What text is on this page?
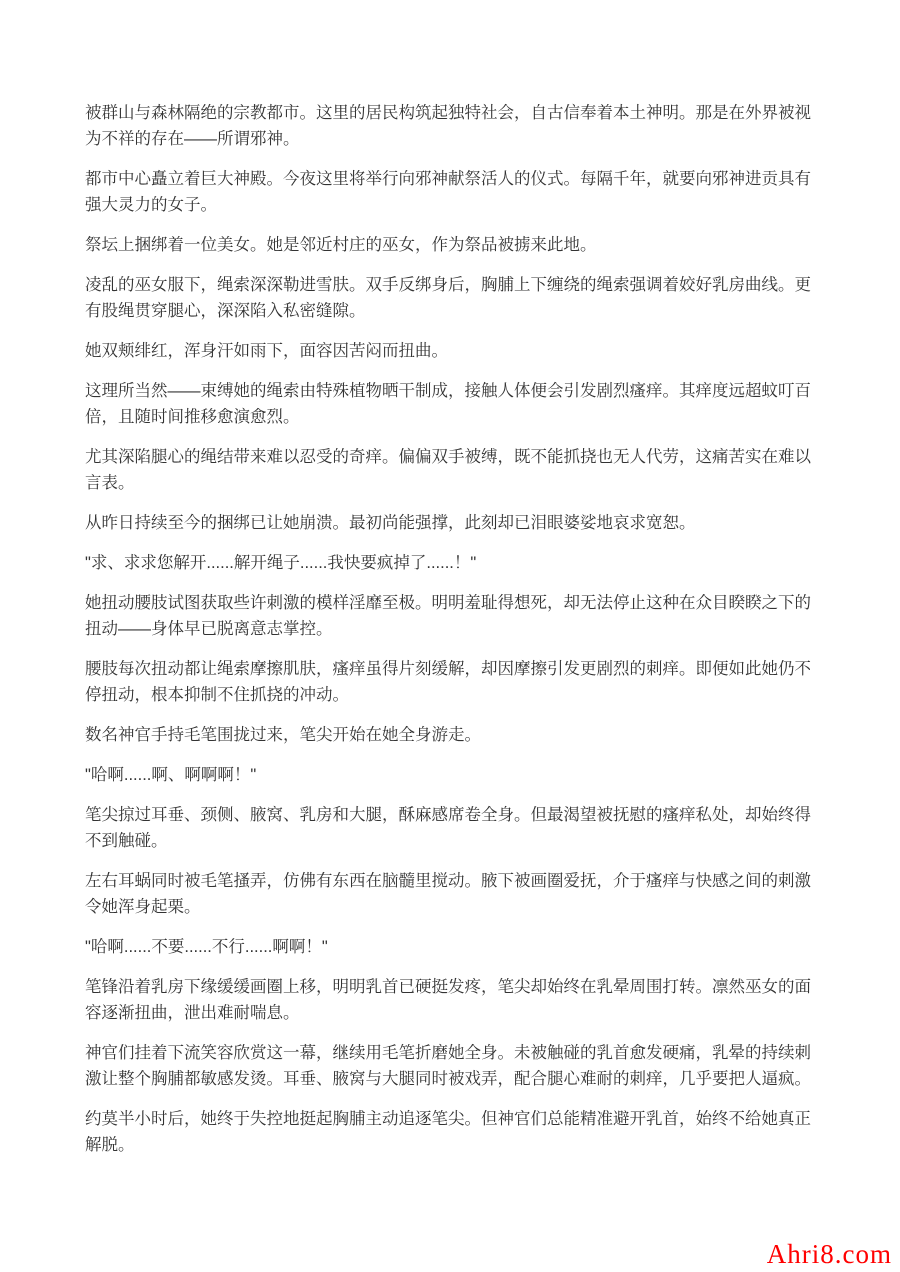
被群山与森林隔绝的宗教都市。这里的居民构筑起独特社会，自古信奉着本土神明。那是在外界被视为不祥的存在——所谓邪神。

都市中心矗立着巨大神殿。今夜这里将举行向邪神献祭活人的仪式。每隔千年，就要向邪神进贡具有强大灵力的女子。

祭坛上捆绑着一位美女。她是邻近村庄的巫女，作为祭品被掳来此地。

凌乱的巫女服下，绳索深深勒进雪肤。双手反绑身后，胸脯上下缠绕的绳索强调着姣好乳房曲线。更有股绳贯穿腿心，深深陷入私密缝隙。

她双颊绯红，浑身汗如雨下，面容因苦闷而扭曲。

这理所当然——束缚她的绳索由特殊植物晒干制成，接触人体便会引发剧烈瘙痒。其痒度远超蚊叮百倍，且随时间推移愈演愈烈。

尤其深陷腿心的绳结带来难以忍受的奇痒。偏偏双手被缚，既不能抓挠也无人代劳，这痛苦实在难以言表。

从昨日持续至今的捆绑已让她崩溃。最初尚能强撑，此刻却已泪眼婆娑地哀求宽恕。

"求、求求您解开......解开绳子......我快要疯掉了......！"

她扭动腰肢试图获取些许刺激的模样淫靡至极。明明羞耻得想死，却无法停止这种在众目睽睽之下的扭动——身体早已脱离意志掌控。

腰肢每次扭动都让绳索摩擦肌肤，瘙痒虽得片刻缓解，却因摩擦引发更剧烈的刺痒。即便如此她仍不停扭动，根本抑制不住抓挠的冲动。

数名神官手持毛笔围拢过来，笔尖开始在她全身游走。

"哈啊......啊、啊啊啊！"

笔尖掠过耳垂、颈侧、腋窝、乳房和大腿，酥麻感席卷全身。但最渴望被抚慰的瘙痒私处，却始终得不到触碰。

左右耳蜗同时被毛笔搔弄，仿佛有东西在脑髓里搅动。腋下被画圈爱抚，介于瘙痒与快感之间的刺激令她浑身起栗。

"哈啊......不要......不行......啊啊！"

笔锋沿着乳房下缘缓缓画圈上移，明明乳首已硬挺发疼，笔尖却始终在乳晕周围打转。凛然巫女的面容逐渐扭曲，泄出难耐喘息。

神官们挂着下流笑容欣赏这一幕，继续用毛笔折磨她全身。未被触碰的乳首愈发硬痛，乳晕的持续刺激让整个胸脯都敏感发烫。耳垂、腋窝与大腿同时被戏弄，配合腿心难耐的刺痒，几乎要把人逼疯。

约莫半小时后，她终于失控地挺起胸脯主动追逐笔尖。但神官们总能精准避开乳首，始终不给她真正解脱。

Ahri8.com
